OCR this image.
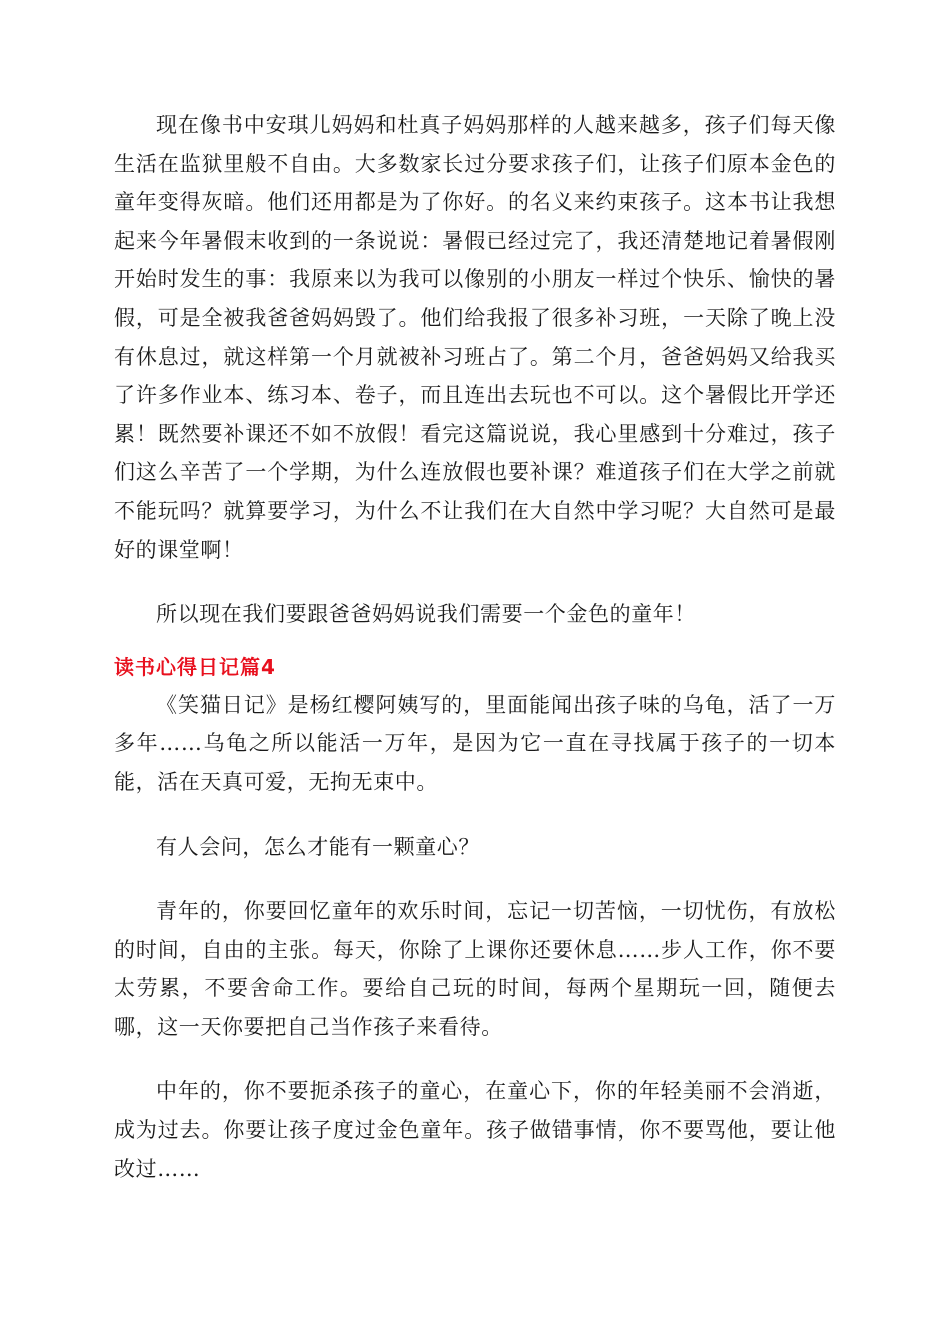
现在像书中安琪儿妈妈和杜真子妈妈那样的人越来越多，孩子们每天像生活在监狱里般不自由。大多数家长过分要求孩子们，让孩子们原本金色的童年变得灰暗。他们还用都是为了你好。的名义来约束孩子。这本书让我想起来今年暑假末收到的一条说说：暑假已经过完了，我还清楚地记着暑假刚开始时发生的事：我原来以为我可以像别的小朋友一样过个快乐、愉快的暑假，可是全被我爸爸妈妈毁了。他们给我报了很多补习班，一天除了晚上没有休息过，就这样第一个月就被补习班占了。第二个月，爸爸妈妈又给我买了许多作业本、练习本、卷子，而且连出去玩也不可以。这个暑假比开学还累！既然要补课还不如不放假！看完这篇说说，我心里感到十分难过，孩子们这么辛苦了一个学期，为什么连放假也要补课？难道孩子们在大学之前就不能玩吗？就算要学习，为什么不让我们在大自然中学习呢？大自然可是最好的课堂啊！

所以现在我们要跟爸爸妈妈说我们需要一个金色的童年！

读书心得日记篇4

《笑猫日记》是杨红樱阿姨写的，里面能闻出孩子味的乌龟，活了一万多年……乌龟之所以能活一万年，是因为它一直在寻找属于孩子的一切本能，活在天真可爱，无拘无束中。

有人会问，怎么才能有一颗童心？

青年的，你要回忆童年的欢乐时间，忘记一切苦恼，一切忧伤，有放松的时间，自由的主张。每天，你除了上课你还要休息……步人工作，你不要太劳累，不要舍命工作。要给自己玩的时间，每两个星期玩一回，随便去哪，这一天你要把自己当作孩子来看待。

中年的，你不要扼杀孩子的童心，在童心下，你的年轻美丽不会消逝，成为过去。你要让孩子度过金色童年。孩子做错事情，你不要骂他，要让他改过……
